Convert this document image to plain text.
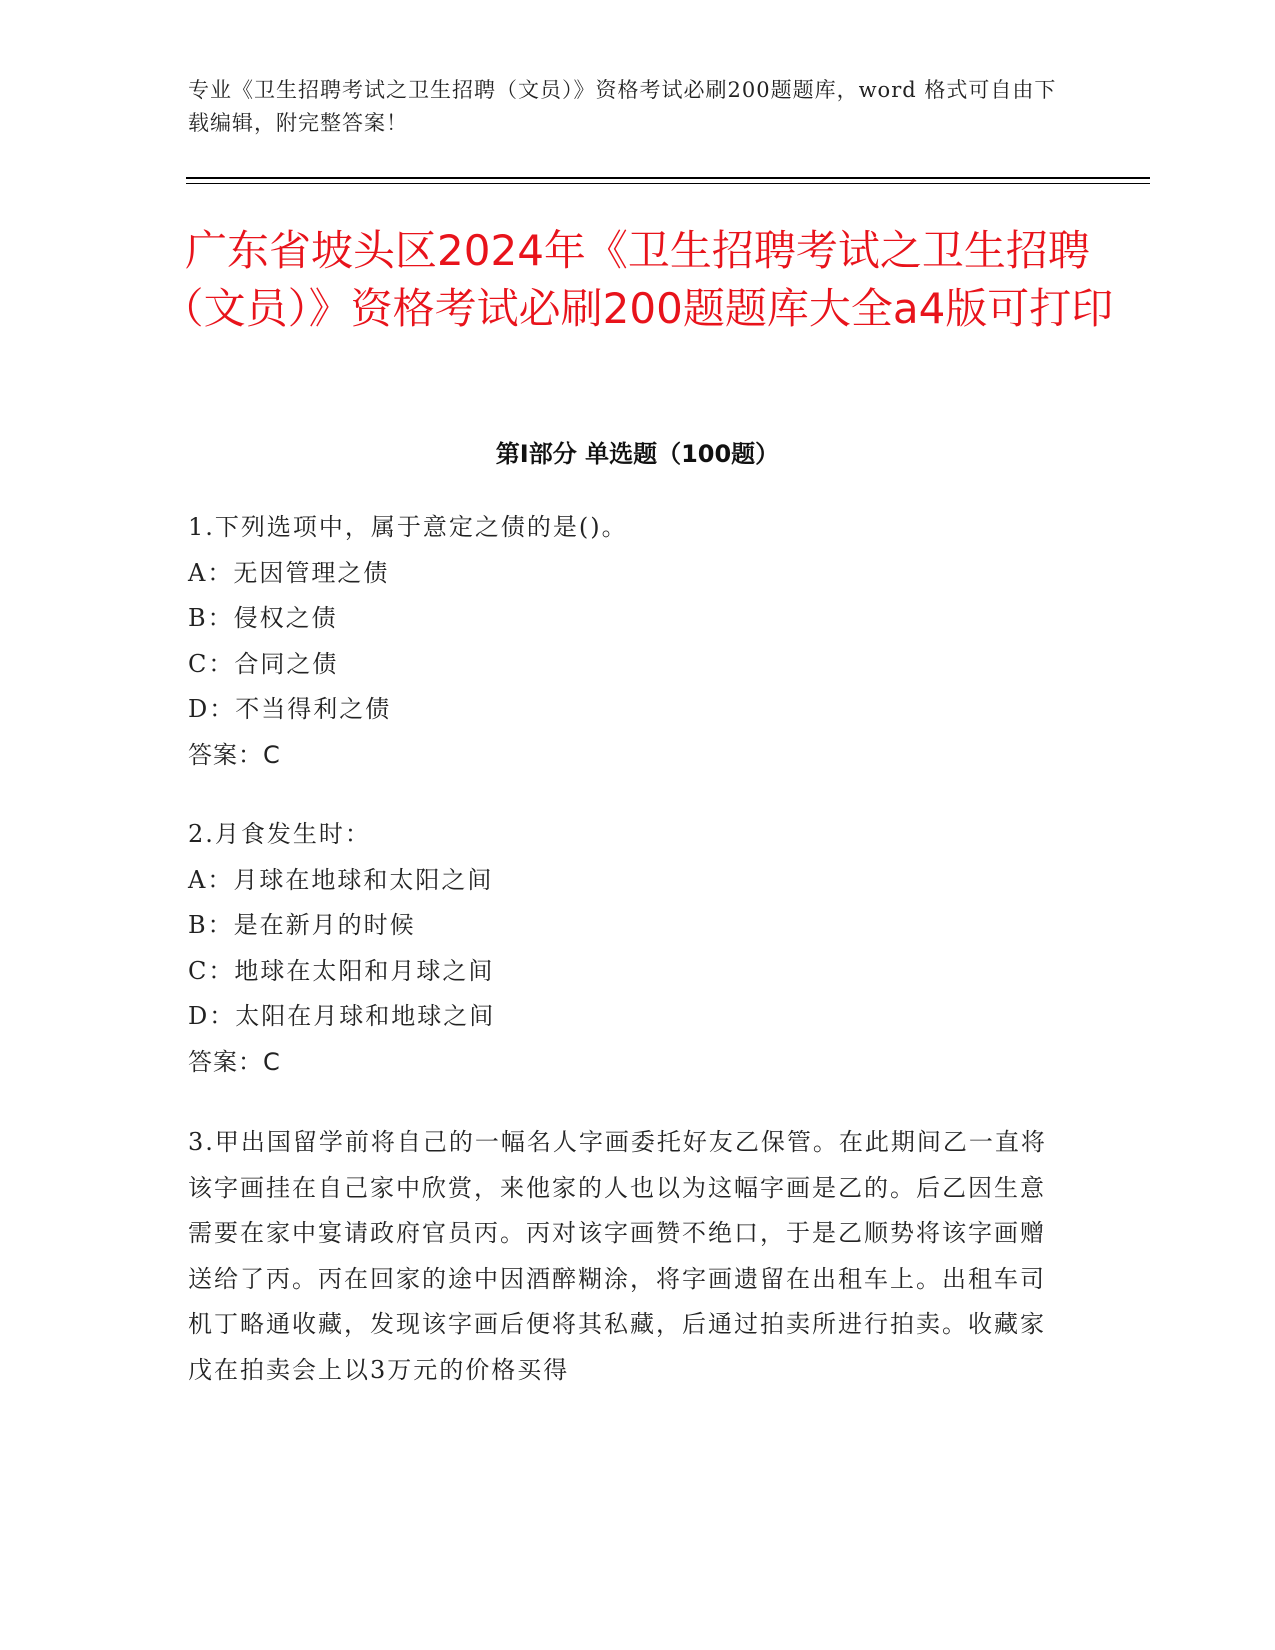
专业《卫生招聘考试之卫生招聘（文员）》资格考试必刷200题题库，word 格式可自由下载编辑，附完整答案！
广东省坡头区2024年《卫生招聘考试之卫生招聘（文员）》资格考试必刷200题题库大全a4版可打印
第Ⅰ部分 单选题（100题）
1.下列选项中，属于意定之债的是()。
A：无因管理之债
B：侵权之债
C：合同之债
D：不当得利之债
答案：C
2.月食发生时：
A：月球在地球和太阳之间
B：是在新月的时候
C：地球在太阳和月球之间
D：太阳在月球和地球之间
答案：C
3.甲出国留学前将自己的一幅名人字画委托好友乙保管。在此期间乙一直将该字画挂在自己家中欣赏，来他家的人也以为这幅字画是乙的。后乙因生意需要在家中宴请政府官员丙。丙对该字画赞不绝口，于是乙顺势将该字画赠送给了丙。丙在回家的途中因酒醉糊涂，将字画遗留在出租车上。出租车司机丁略通收藏，发现该字画后便将其私藏，后通过拍卖所进行拍卖。收藏家戊在拍卖会上以3万元的价格买得
